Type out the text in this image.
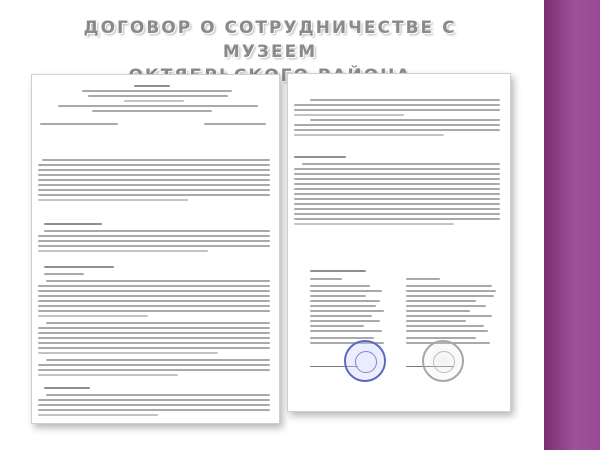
ДОГОВОР О СОТРУДНИЧЕСТВЕ С МУЗЕЕМ
